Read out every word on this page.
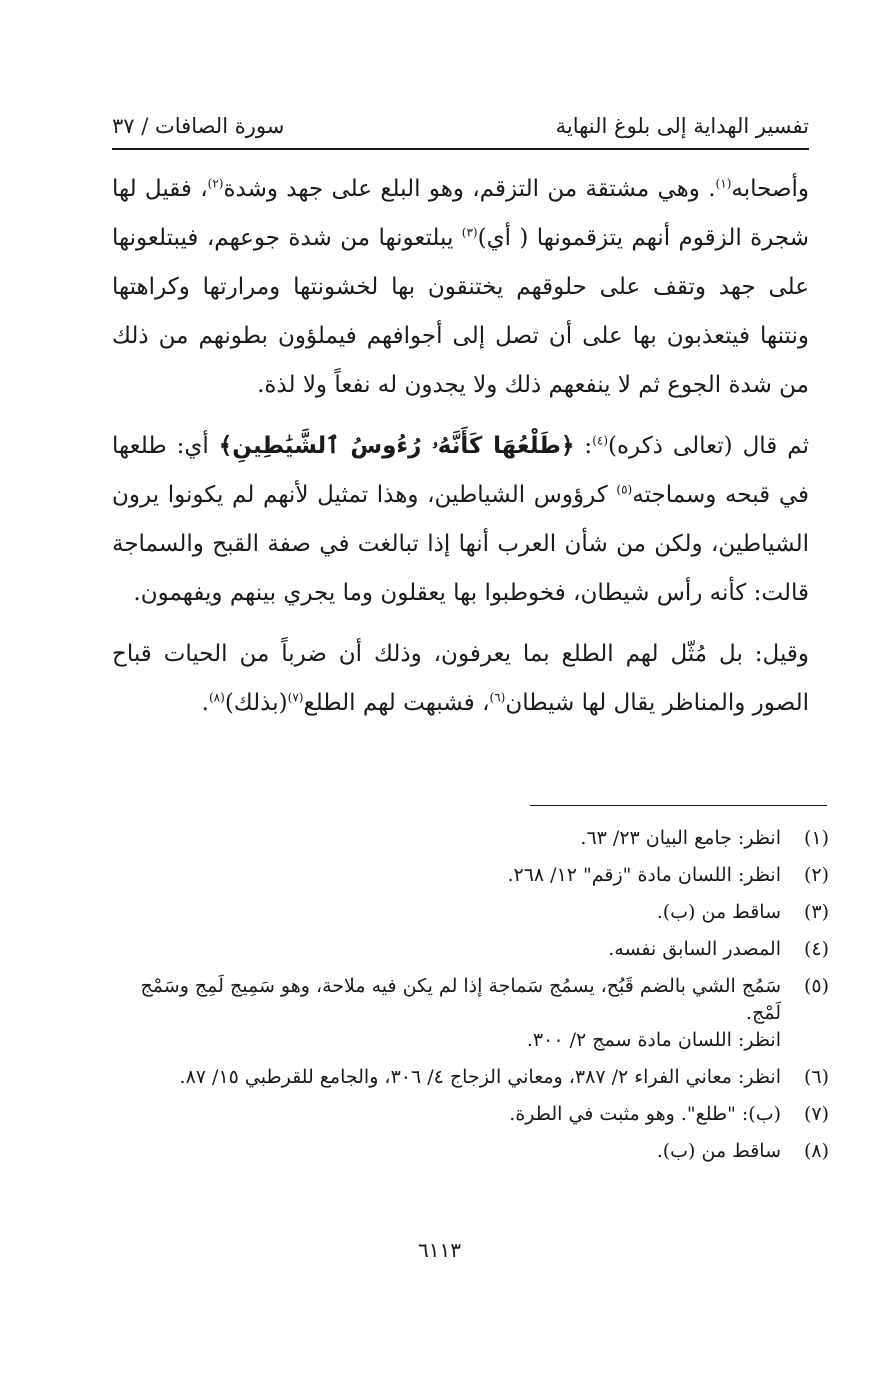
تفسير الهداية إلى بلوغ النهاية
سورة الصافات / ٣٧

وأصحابه$^{(١)}$. وهي مشتقة من التزقم، وهو البلع على جهد وشدة$^{(٢)}$، فقيل لها شجرة الزقوم أنهم يتزقمونها ( أي)$^{(٣)}$ يبلتعونها من شدة جوعهم، فيبتلعونها على جهد وتقف على حلوقهم يختنقون بها لخشونتها ومرارتها وكراهتها ونتنها فيتعذبون بها على أن تصل إلى أجوافهم فيملؤون بطونهم من ذلك من شدة الجوع ثم لا ينفعهم ذلك ولا يجدون له نفعاً ولا لذة.

ثم قال (تعالى ذكره)$^{(٤)}$: ﴿طَلْعُهَا كَأَنَّهُۥ رُءُوسُ ٱلشَّيَٰطِينِ﴾ أي: طلعها في قبحه وسماجته$^{(٥)}$ كرؤوس الشياطين، وهذا تمثيل لأنهم لم يكونوا يرون الشياطين، ولكن من شأن العرب أنها إذا تبالغت في صفة القبح والسماجة قالت: كأنه رأس شيطان، فخوطبوا بها يعقلون وما يجري بينهم ويفهمون.

وقيل: بل مُثّل لهم الطلع بما يعرفون، وذلك أن ضرباً من الحيات قباح الصور والمناظر يقال لها شيطان$^{(٦)}$، فشبهت لهم الطلع$^{(٧)}$(بذلك)$^{(٨)}$.

(١)
انظر: جامع البيان ٢٣/ ٦٣.
(٢)
انظر: اللسان مادة "زقم" ١٢/ ٢٦٨.
(٣)
ساقط من (ب).
(٤)
المصدر السابق نفسه.
(٥)
سَمُج الشي بالضم قَبُح، يسمُج سَماجة إذا لم يكن فيه ملاحة، وهو سَمِيج لَمِج وسَمْج لَمْج.
انظر: اللسان مادة سمج ٢/ ٣٠٠.
(٦)
انظر: معاني الفراء ٢/ ٣٨٧، ومعاني الزجاج ٤/ ٣٠٦، والجامع للقرطبي ١٥/ ٨٧.
(٧)
(ب): "طلع". وهو مثبت في الطرة.
(٨)
ساقط من (ب).
٦١١٣
